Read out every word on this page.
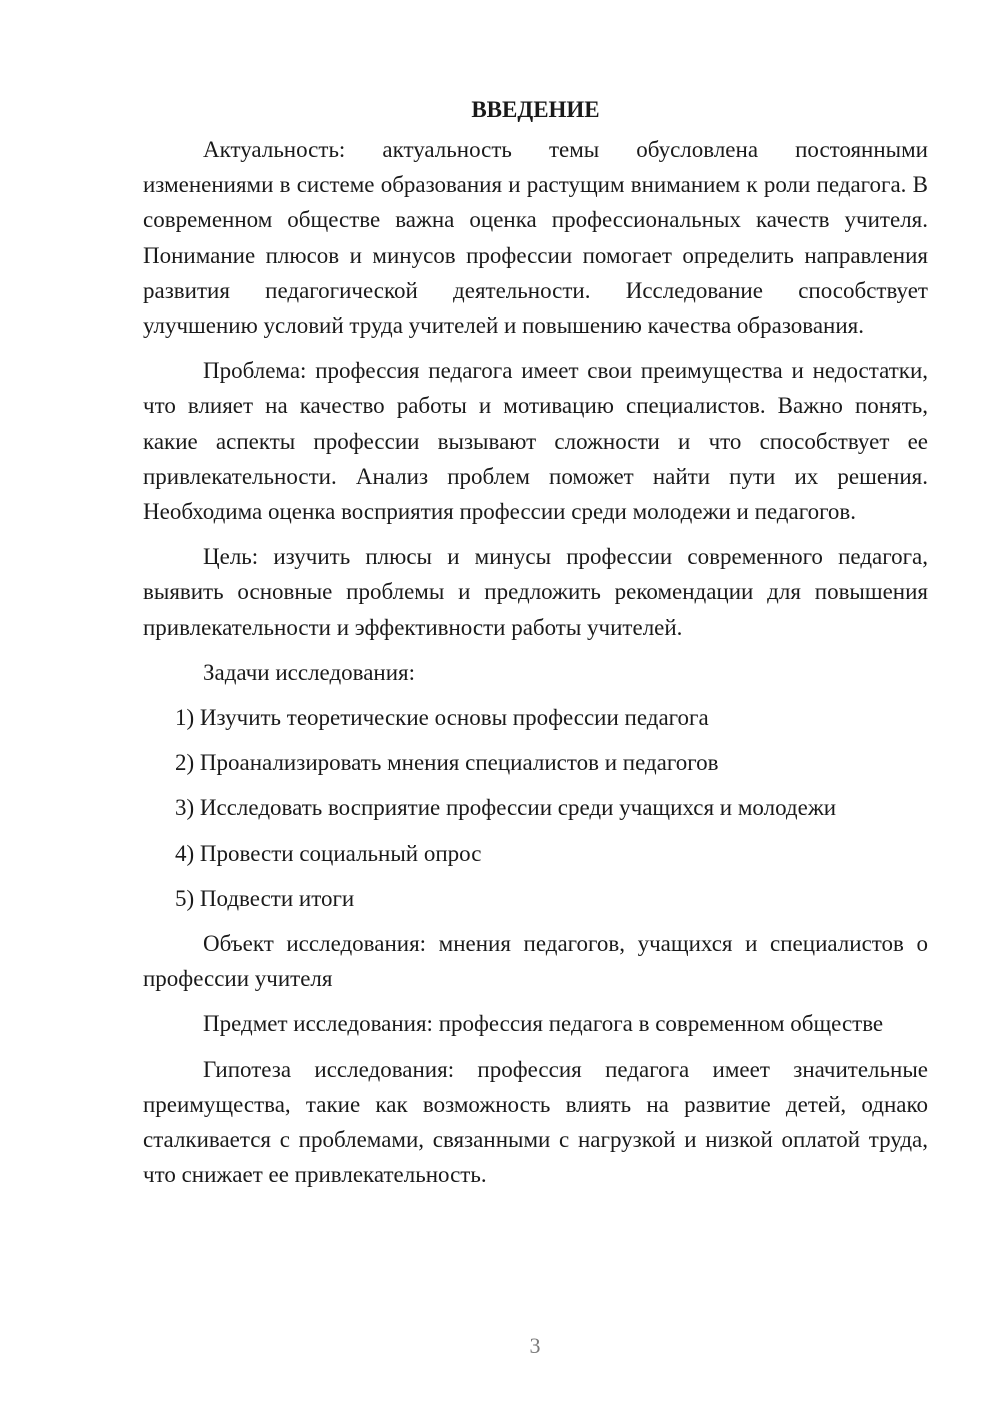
ВВЕДЕНИЕ

Актуальность: актуальность темы обусловлена постоянными изменениями в системе образования и растущим вниманием к роли педагога. В современном обществе важна оценка профессиональных качеств учителя. Понимание плюсов и минусов профессии помогает определить направления развития педагогической деятельности. Исследование способствует улучшению условий труда учителей и повышению качества образования.

Проблема: профессия педагога имеет свои преимущества и недостатки, что влияет на качество работы и мотивацию специалистов. Важно понять, какие аспекты профессии вызывают сложности и что способствует ее привлекательности. Анализ проблем поможет найти пути их решения. Необходима оценка восприятия профессии среди молодежи и педагогов.

Цель: изучить плюсы и минусы профессии современного педагога, выявить основные проблемы и предложить рекомендации для повышения привлекательности и эффективности работы учителей.

Задачи исследования:

1) Изучить теоретические основы профессии педагога

2) Проанализировать мнения специалистов и педагогов

3) Исследовать восприятие профессии среди учащихся и молодежи

4) Провести социальный опрос

5) Подвести итоги

Объект исследования: мнения педагогов, учащихся и специалистов о профессии учителя

Предмет исследования: профессия педагога в современном обществе

Гипотеза исследования: профессия педагога имеет значительные преимущества, такие как возможность влиять на развитие детей, однако сталкивается с проблемами, связанными с нагрузкой и низкой оплатой труда, что снижает ее привлекательность.

3
